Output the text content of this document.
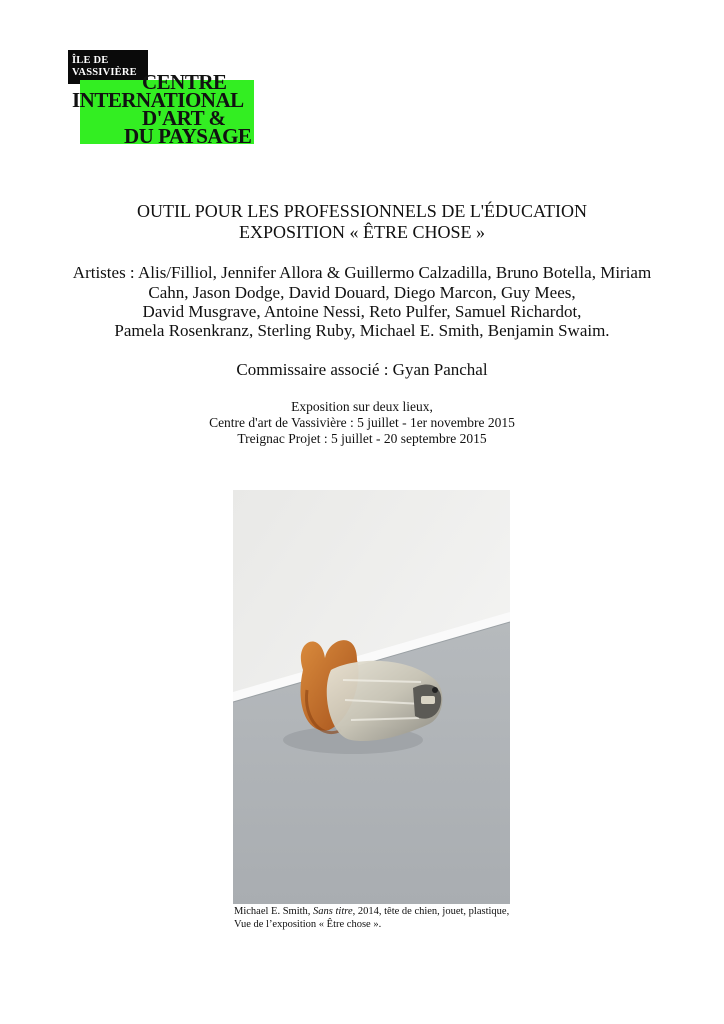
ÎLE DE
VASSIVIÈRE CENTRE
INTERNATIONAL
D'ART &
DU PAYSAGE
OUTIL POUR LES PROFESSIONNELS DE L'ÉDUCATION
EXPOSITION « ÊTRE CHOSE »
Artistes : Alis/Filliol, Jennifer Allora & Guillermo Calzadilla, Bruno Botella, Miriam
Cahn, Jason Dodge, David Douard, Diego Marcon, Guy Mees,
David Musgrave, Antoine Nessi, Reto Pulfer, Samuel Richardot,
Pamela Rosenkranz, Sterling Ruby, Michael E. Smith, Benjamin Swaim.
Commissaire associé : Gyan Panchal
Exposition sur deux lieux,
Centre d'art de Vassivière : 5 juillet - 1er novembre 2015
Treignac Projet : 5 juillet - 20 septembre 2015
Michael E. Smith, Sans titre, 2014, tête de chien, jouet, plastique,
Vue de l’exposition « Être chose ».
